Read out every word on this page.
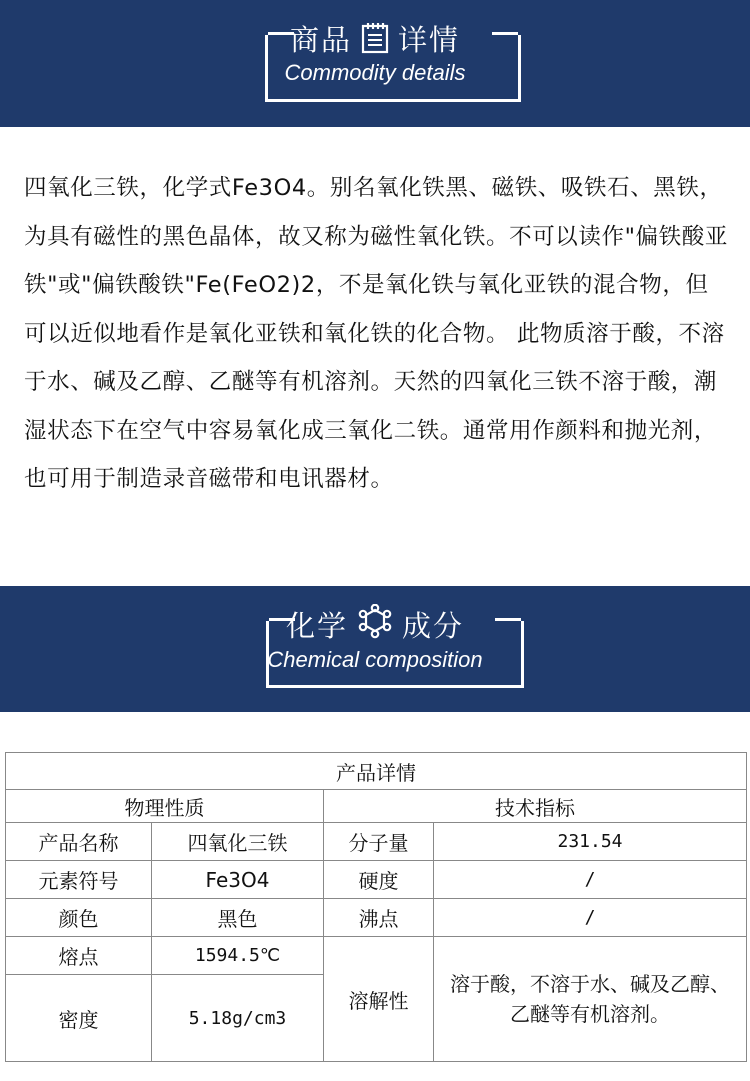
商品 详情
Commodity details
四氧化三铁，化学式Fe3O4。别名氧化铁黑、磁铁、吸铁石、黑铁，为具有磁性的黑色晶体，故又称为磁性氧化铁。不可以读作"偏铁酸亚铁"或"偏铁酸铁"Fe(FeO2)2，不是氧化铁与氧化亚铁的混合物，但可以近似地看作是氧化亚铁和氧化铁的化合物。 此物质溶于酸，不溶于水、碱及乙醇、乙醚等有机溶剂。天然的四氧化三铁不溶于酸，潮湿状态下在空气中容易氧化成三氧化二铁。通常用作颜料和抛光剂，也可用于制造录音磁带和电讯器材。
化学 成分
Chemical composition
产品详情			
物理性质		技术指标	
产品名称	四氧化三铁	分子量	231.54
元素符号	Fe3O4	硬度	/
颜色	黑色	沸点	/
熔点	1594.5℃	溶解性	溶于酸，不溶于水、碱及乙醇、乙醚等有机溶剂。
密度	5.18g/cm3		
